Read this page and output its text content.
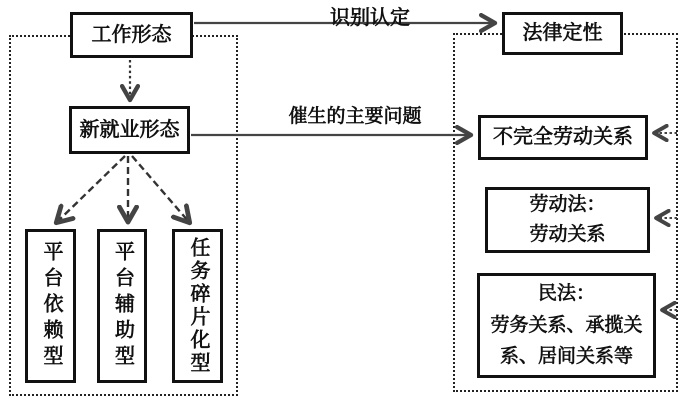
识别认定
催生的主要问题
工作形态
新就业形态
平台依赖型 平台辅助型	任务碎片化型
法律定性
不完全劳动关系
劳动法：
劳动关系
民法：
劳务关系、承揽关
系、居间关系等
